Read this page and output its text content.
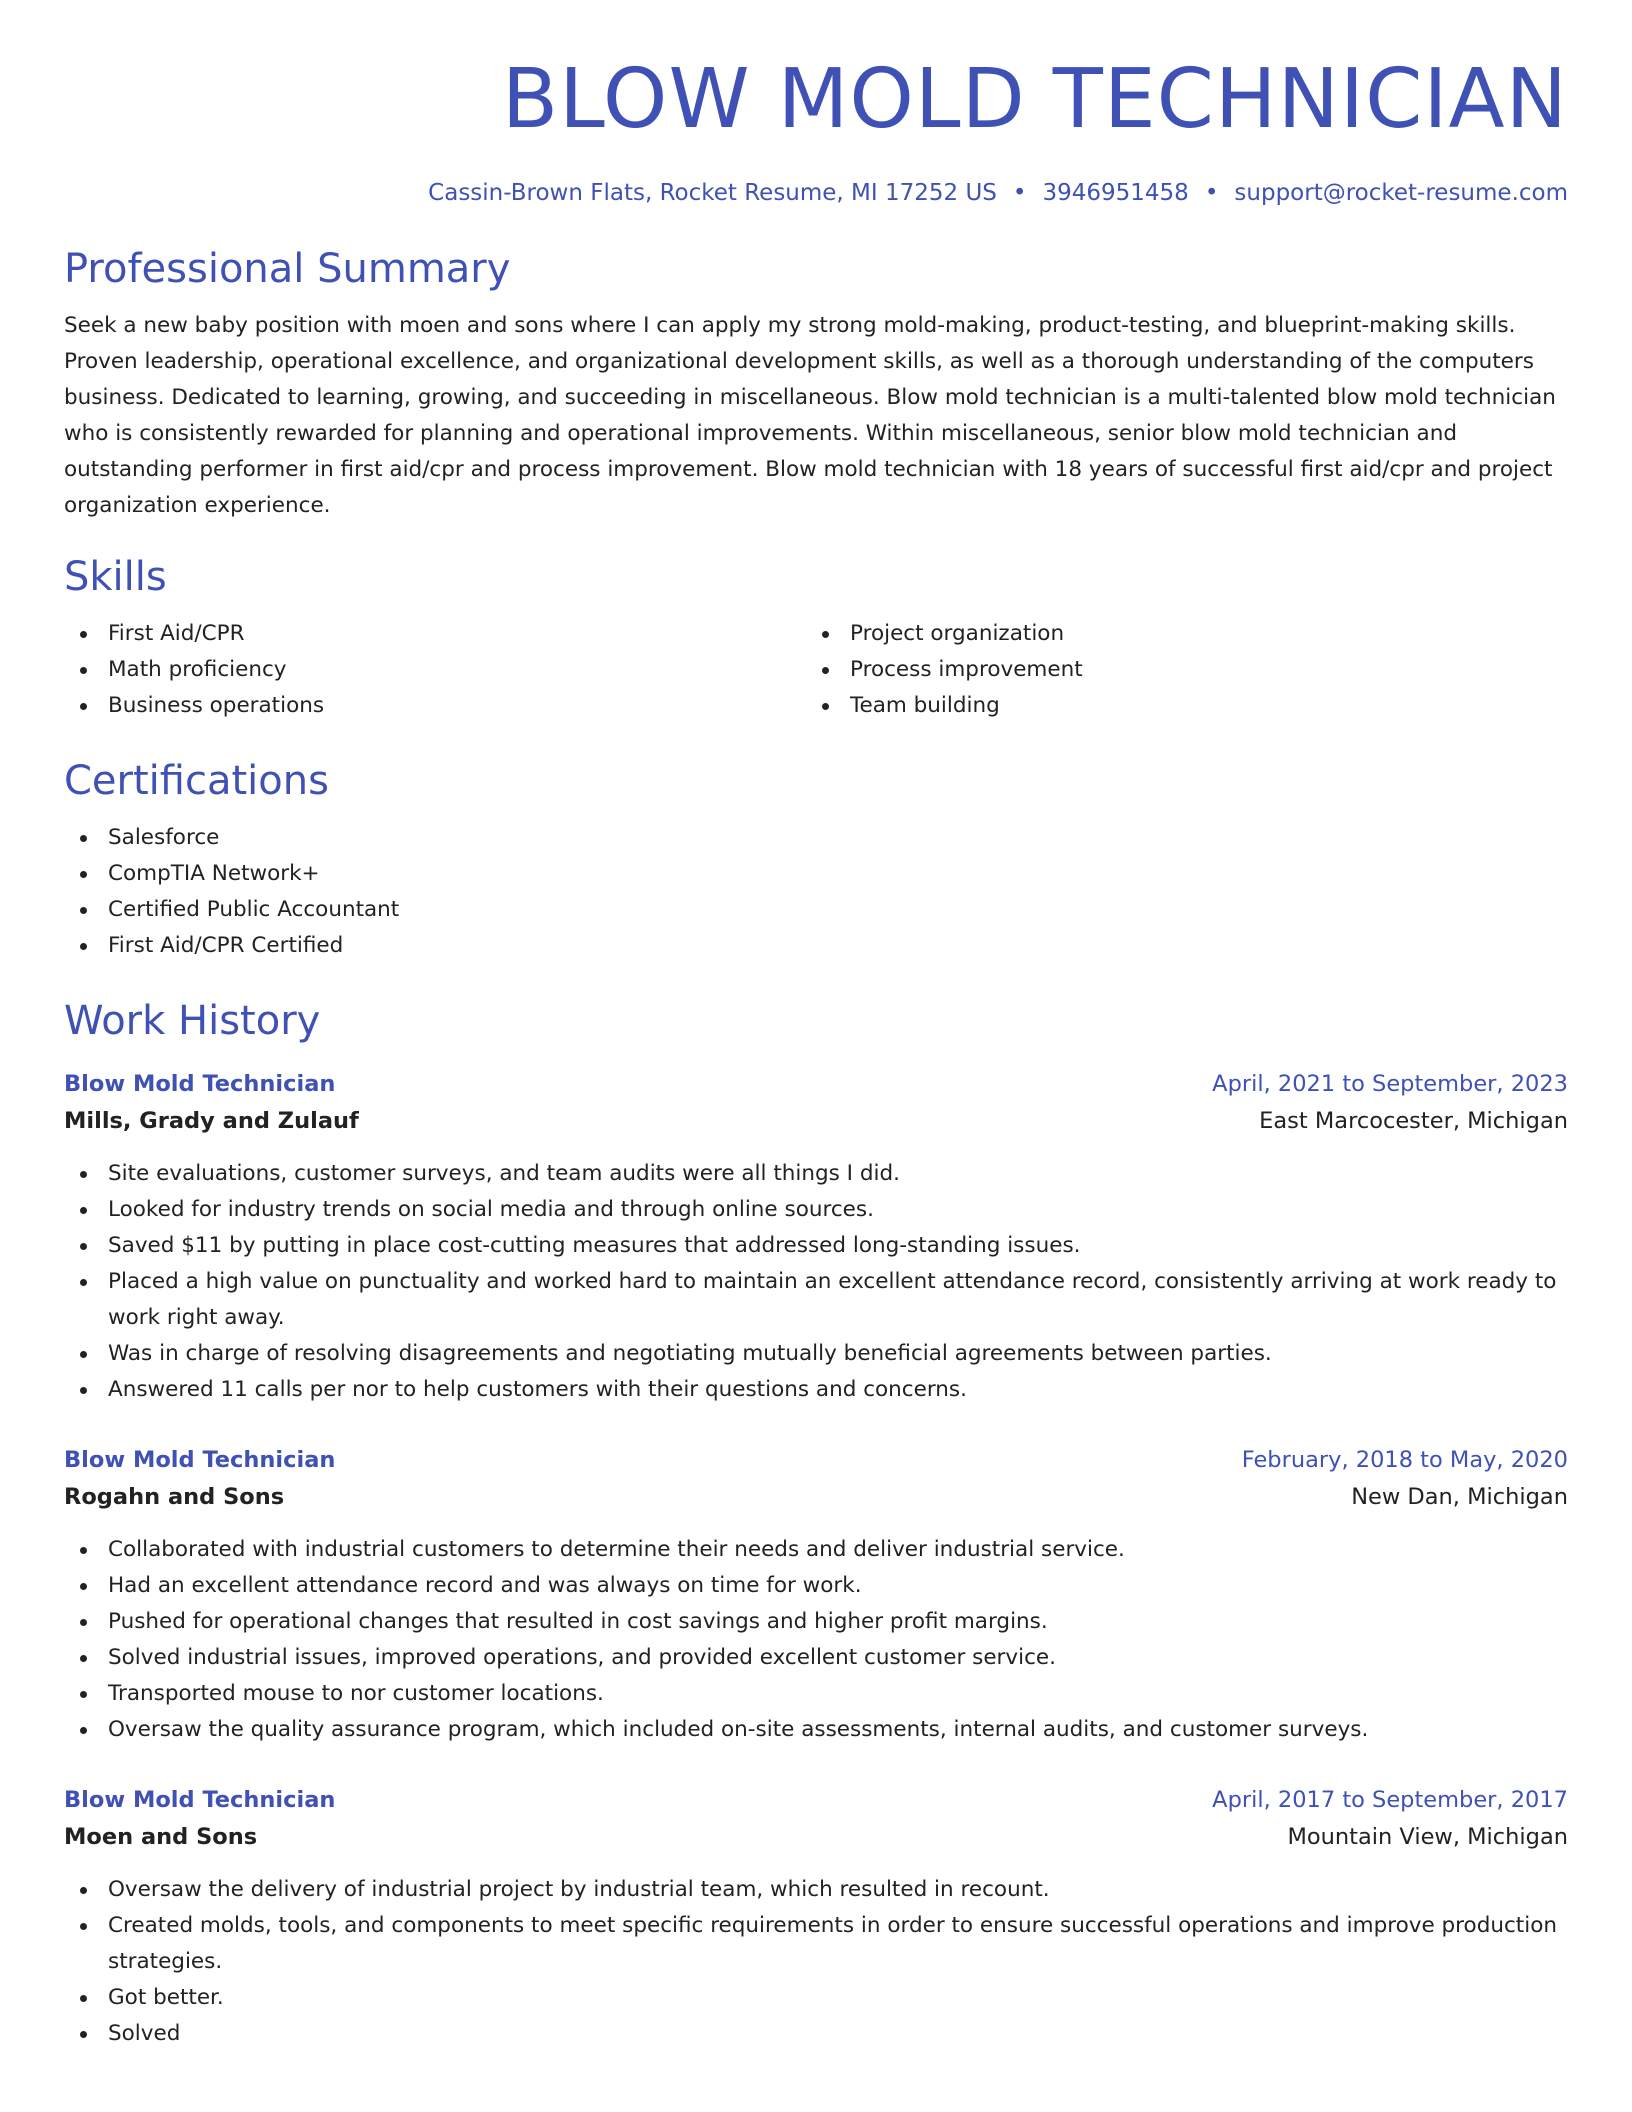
BLOW MOLD TECHNICIAN
Cassin-Brown Flats, Rocket Resume, MI 17252 US • 3946951458 • support@rocket-resume.com
Professional Summary
Seek a new baby position with moen and sons where I can apply my strong mold-making, product-testing, and blueprint-making skills. Proven leadership, operational excellence, and organizational development skills, as well as a thorough understanding of the computers business. Dedicated to learning, growing, and succeeding in miscellaneous. Blow mold technician is a multi-talented blow mold technician who is consistently rewarded for planning and operational improvements. Within miscellaneous, senior blow mold technician and outstanding performer in first aid/cpr and process improvement. Blow mold technician with 18 years of successful first aid/cpr and project organization experience.
Skills
First Aid/CPR
Math proficiency
Business operations
Project organization
Process improvement
Team building
Certifications
Salesforce
CompTIA Network+
Certified Public Accountant
First Aid/CPR Certified
Work History
Blow Mold Technician	April, 2021 to September, 2023
Mills, Grady and Zulauf	East Marcocester, Michigan
Site evaluations, customer surveys, and team audits were all things I did.
Looked for industry trends on social media and through online sources.
Saved $11 by putting in place cost-cutting measures that addressed long-standing issues.
Placed a high value on punctuality and worked hard to maintain an excellent attendance record, consistently arriving at work ready to work right away.
Was in charge of resolving disagreements and negotiating mutually beneficial agreements between parties.
Answered 11 calls per nor to help customers with their questions and concerns.
Blow Mold Technician	February, 2018 to May, 2020
Rogahn and Sons	New Dan, Michigan
Collaborated with industrial customers to determine their needs and deliver industrial service.
Had an excellent attendance record and was always on time for work.
Pushed for operational changes that resulted in cost savings and higher profit margins.
Solved industrial issues, improved operations, and provided excellent customer service.
Transported mouse to nor customer locations.
Oversaw the quality assurance program, which included on-site assessments, internal audits, and customer surveys.
Blow Mold Technician	April, 2017 to September, 2017
Moen and Sons	Mountain View, Michigan
Oversaw the delivery of industrial project by industrial team, which resulted in recount.
Created molds, tools, and components to meet specific requirements in order to ensure successful operations and improve production strategies.
Got better.
Solved
